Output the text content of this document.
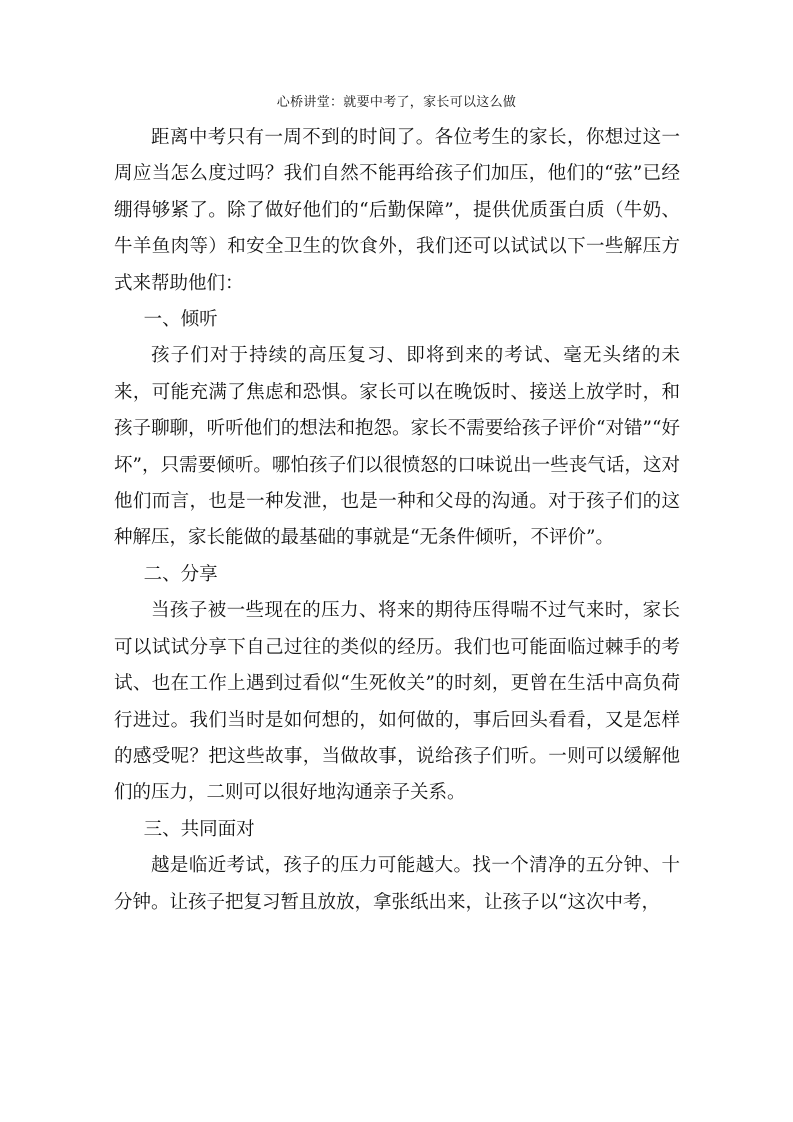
心桥讲堂：就要中考了，家长可以这么做

距离中考只有一周不到的时间了。各位考生的家长，你想过这一周应当怎么度过吗？我们自然不能再给孩子们加压，他们的“弦”已经绷得够紧了。除了做好他们的“后勤保障”，提供优质蛋白质（牛奶、牛羊鱼肉等）和安全卫生的饮食外，我们还可以试试以下一些解压方式来帮助他们：

一、倾听

孩子们对于持续的高压复习、即将到来的考试、毫无头绪的未来，可能充满了焦虑和恐惧。家长可以在晚饭时、接送上放学时，和孩子聊聊，听听他们的想法和抱怨。家长不需要给孩子评价“对错”“好坏”，只需要倾听。哪怕孩子们以很愤怒的口味说出一些丧气话，这对他们而言，也是一种发泄，也是一种和父母的沟通。对于孩子们的这种解压，家长能做的最基础的事就是“无条件倾听，不评价”。

二、分享

当孩子被一些现在的压力、将来的期待压得喘不过气来时，家长可以试试分享下自己过往的类似的经历。我们也可能面临过棘手的考试、也在工作上遇到过看似“生死攸关”的时刻，更曾在生活中高负荷行进过。我们当时是如何想的，如何做的，事后回头看看，又是怎样的感受呢？把这些故事，当做故事，说给孩子们听。一则可以缓解他们的压力，二则可以很好地沟通亲子关系。

三、共同面对

越是临近考试，孩子的压力可能越大。找一个清净的五分钟、十分钟。让孩子把复习暂且放放，拿张纸出来，让孩子以“这次中考，
